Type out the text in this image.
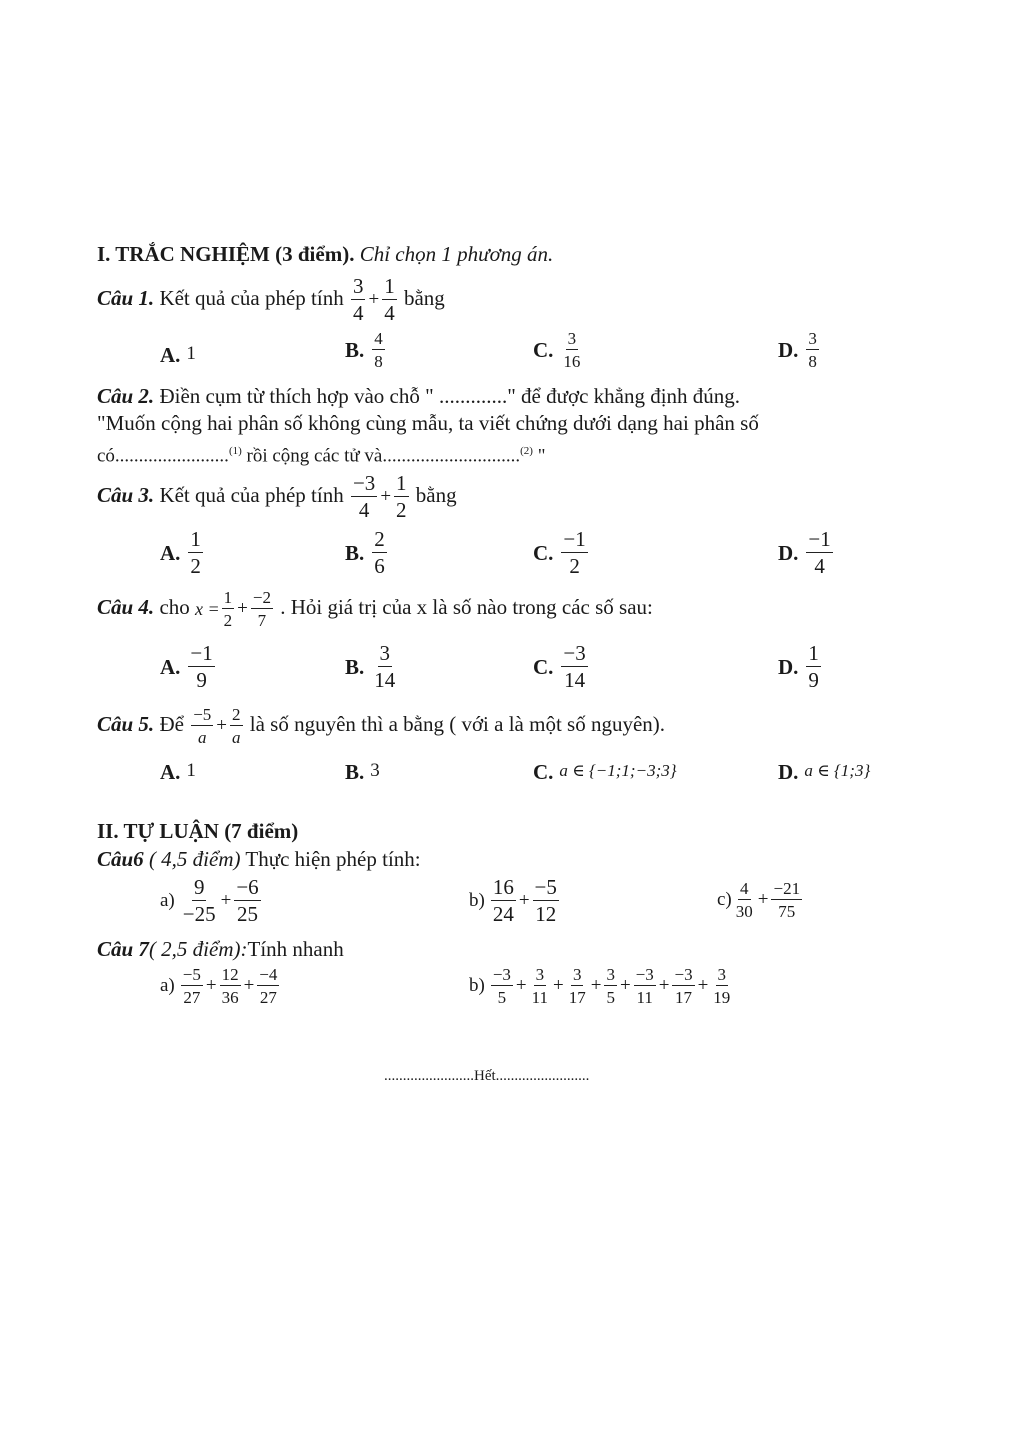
I. TRẮC NGHIỆM (3 điểm). Chỉ chọn 1 phương án.
Câu 1. Kết quả của phép tính $\frac{3}{4} + \frac{1}{4}$ bằng
A. 1	B. $\frac{4}{8}$	C. $\frac{3}{16}$	D. $\frac{3}{8}$
Câu 2. Điền cụm từ thích hợp vào chỗ " ............." để được khẳng định đúng.
"Muốn cộng hai phân số không cùng mẫu, ta viết chứng dưới dạng hai phân số
có........................$^{(1)}$ rồi cộng các tử và.............................$^{(2)}$ "
Câu 3. Kết quả của phép tính $\frac{-3}{4} + \frac{1}{2}$ bằng
A. $\frac{1}{2}$	B. $\frac{2}{6}$	C. $\frac{-1}{2}$	D. $\frac{-1}{4}$
Câu 4. cho $x = \frac{1}{2} + \frac{-2}{7}$ . Hỏi giá trị của x là số nào trong các số sau:
A. $\frac{-1}{9}$	B. $\frac{3}{14}$	C. $\frac{-3}{14}$	D. $\frac{1}{9}$
Câu 5. Để $\frac{-5}{a} + \frac{2}{a}$ là số nguyên thì a bằng ( với a là một số nguyên).
A. 1	B. 3	C. a ∈ {−1;1;−3;3}	D. a ∈ {1;3}
II. TỰ LUẬN (7 điểm)
Câu6 ( 4,5 điểm) Thực hiện phép tính:
$a) \frac{9}{-25} + \frac{-6}{25}$	$b) \frac{16}{24} + \frac{-5}{12}$	$c) \frac{4}{30} + \frac{-21}{75}$
Câu 7( 2,5 điểm):Tính nhanh
$a) \frac{-5}{27} + \frac{12}{36} + \frac{-4}{27}$	$b) \frac{-3}{5} + \frac{3}{11} + \frac{3}{17} + \frac{3}{5} + \frac{-3}{11} + \frac{-3}{17} + \frac{3}{19}$
........................Hết.........................
